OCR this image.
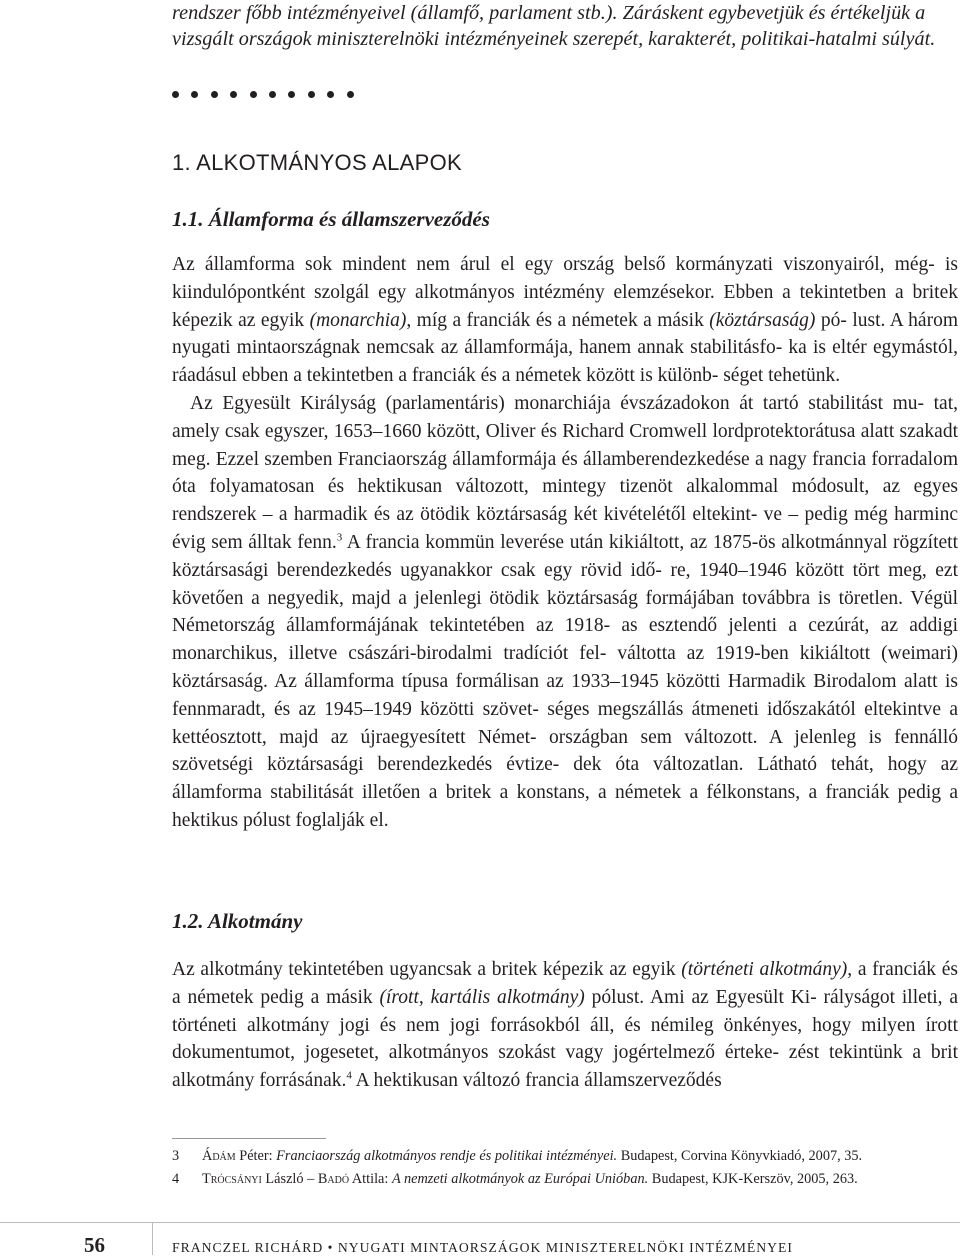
rendszer főbb intézményeivel (államfő, parlament stb.). Záráskent egybevetjük és értékeljük a
vizsgált országok miniszterelnöki intézményeinek szerepét, karakterét, politikai-hatalmi súlyát.
1. ALKOTMÁNYOS ALAPOK
1.1. Államforma és államszerveződés

Az államforma sok mindent nem árul el egy ország belső kormányzati viszonyairól, még- is kiindulópontként szolgál egy alkotmányos intézmény elemzésekor. Ebben a tekintetben a britek képezik az egyik (monarchia), míg a franciák és a németek a másik (köztársaság) pó- lust. A három nyugati mintaországnak nemcsak az államformája, hanem annak stabilitásfo- ka is eltér egymástól, ráadásul ebben a tekintetben a franciák és a németek között is különb- séget tehetünk.

Az Egyesült Királyság (parlamentáris) monarchiája évszázadokon át tartó stabilitást mu- tat, amely csak egyszer, 1653–1660 között, Oliver és Richard Cromwell lordprotektorátusa alatt szakadt meg. Ezzel szemben Franciaország államformája és államberendezkedése a nagy francia forradalom óta folyamatosan és hektikusan változott, mintegy tizenöt alkalommal módosult, az egyes rendszerek – a harmadik és az ötödik köztársaság két kivételétől eltekint- ve – pedig még harminc évig sem álltak fenn.$^3$ A francia kommün leverése után kikiáltott, az 1875-ös alkotmánnyal rögzített köztársasági berendezkedés ugyanakkor csak egy rövid idő- re, 1940–1946 között tört meg, ezt követően a negyedik, majd a jelenlegi ötödik köztársaság formájában továbbra is töretlen. Végül Németország államformájának tekintetében az 1918- as esztendő jelenti a cezúrát, az addigi monarchikus, illetve császári-birodalmi tradíciót fel- váltotta az 1919-ben kikiáltott (weimari) köztársaság. Az államforma típusa formálisan az 1933–1945 közötti Harmadik Birodalom alatt is fennmaradt, és az 1945–1949 közötti szövet- séges megszállás átmeneti időszakától eltekintve a kettéosztott, majd az újraegyesített Német- országban sem változott. A jelenleg is fennálló szövetségi köztársasági berendezkedés évtize- dek óta változatlan. Látható tehát, hogy az államforma stabilitását illetően a britek a konstans, a németek a félkonstans, a franciák pedig a hektikus pólust foglalják el.

1.2. Alkotmány

Az alkotmány tekintetében ugyancsak a britek képezik az egyik (történeti alkotmány), a franciák és a németek pedig a másik (írott, kartális alkotmány) pólust. Ami az Egyesült Ki- rályságot illeti, a történeti alkotmány jogi és nem jogi forrásokból áll, és némileg önkényes, hogy milyen írott dokumentumot, jogesetet, alkotmányos szokást vagy jogértelmező érteke- zést tekintünk a brit alkotmány forrásának.$^4$ A hektikusan változó francia államszerveződés

3	Ádám Péter: Franciaország alkotmányos rendje és politikai intézményei. Budapest, Corvina Könyvkiadó, 2007, 35.
4	Trócsányi László – Badó Attila: A nemzeti alkotmányok az Európai Unióban. Budapest, KJK-Kerszöv, 2005, 263.
56	FRANCZEL RICHÁRD • NYUGATI MINTAORSZÁGOK MINISZTERELNÖKI INTÉZMÉNYEI
